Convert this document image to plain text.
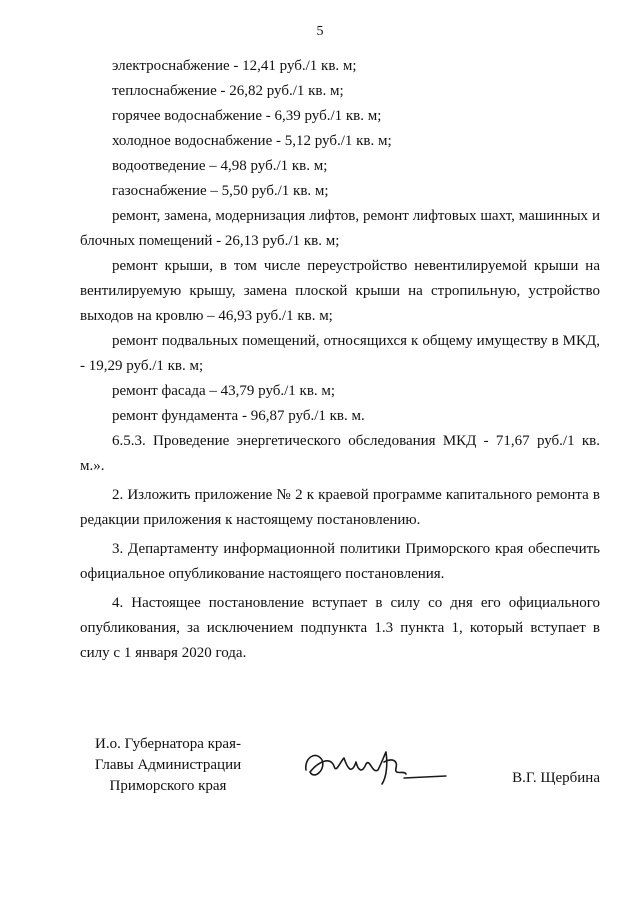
5

электроснабжение - 12,41 руб./1 кв. м;

теплоснабжение - 26,82 руб./1 кв. м;

горячее водоснабжение - 6,39 руб./1 кв. м;

холодное водоснабжение - 5,12 руб./1 кв. м;

водоотведение – 4,98 руб./1 кв. м;

газоснабжение – 5,50 руб./1 кв. м;

ремонт, замена, модернизация лифтов, ремонт лифтовых шахт, машинных и блочных помещений - 26,13 руб./1 кв. м;

ремонт крыши, в том числе переустройство невентилируемой крыши на вентилируемую крышу, замена плоской крыши на стропильную, устройство выходов на кровлю – 46,93 руб./1 кв. м;

ремонт подвальных помещений, относящихся к общему имуществу в МКД, - 19,29 руб./1 кв. м;

ремонт фасада – 43,79 руб./1 кв. м;

ремонт фундамента - 96,87 руб./1 кв. м.

6.5.3. Проведение энергетического обследования МКД - 71,67 руб./1 кв. м.».

2. Изложить приложение № 2 к краевой программе капитального ремонта в редакции приложения к настоящему постановлению.

3. Департаменту информационной политики Приморского края обеспечить официальное опубликование настоящего постановления.

4. Настоящее постановление вступает в силу со дня его официального опубликования, за исключением подпункта 1.3 пункта 1, который вступает в силу с 1 января 2020 года.

И.о. Губернатора края-
Главы Администрации
Приморского края	В.Г. Щербина
